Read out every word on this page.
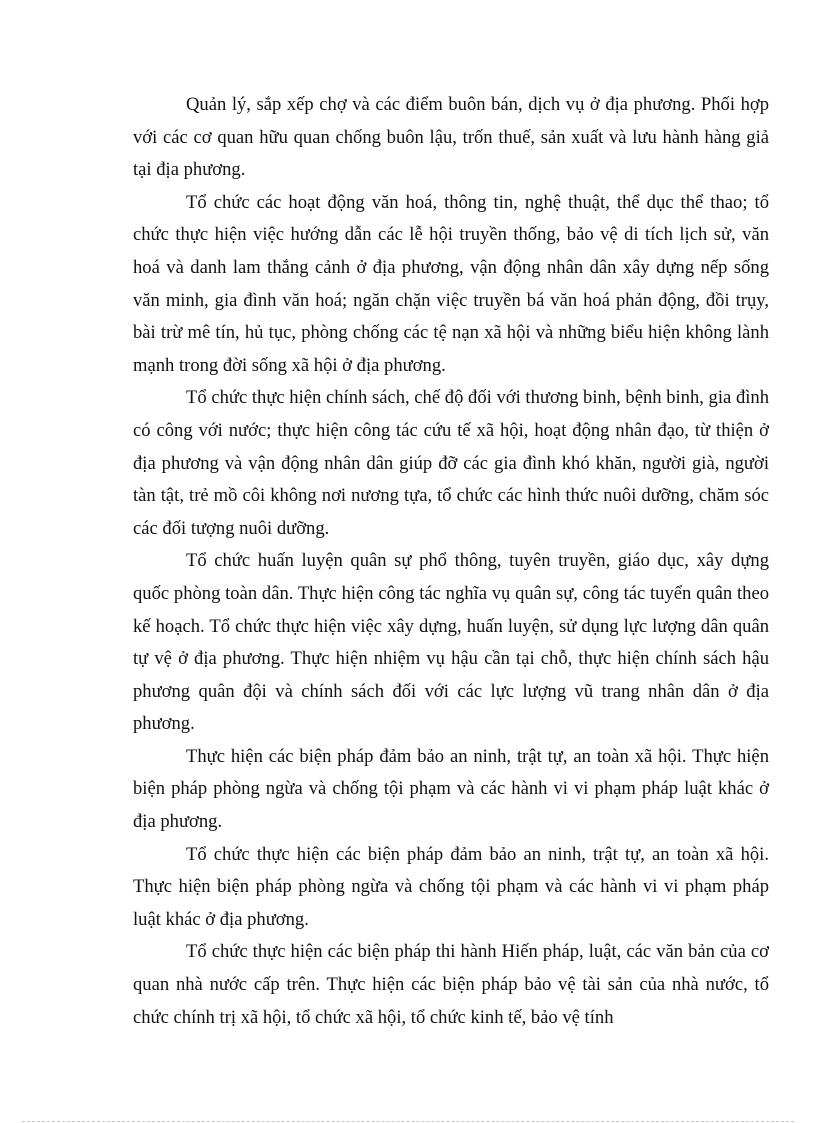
Quản lý, sắp xếp chợ và các điểm buôn bán, dịch vụ ở địa phương. Phối hợp với các cơ quan hữu quan chống buôn lậu, trốn thuế, sản xuất và lưu hành hàng giả tại địa phương.

Tổ chức các hoạt động văn hoá, thông tin, nghệ thuật, thể dục thể thao; tổ chức thực hiện việc hướng dẫn các lễ hội truyền thống, bảo vệ di tích lịch sử, văn hoá và danh lam thắng cảnh ở địa phương, vận động nhân dân xây dựng nếp sống văn minh, gia đình văn hoá; ngăn chặn việc truyền bá văn hoá phản động, đồi trụy, bài trừ mê tín, hủ tục, phòng chống các tệ nạn xã hội và những biểu hiện không lành mạnh trong đời sống xã hội ở địa phương.

Tổ chức thực hiện chính sách, chế độ đối với thương binh, bệnh binh, gia đình có công với nước; thực hiện công tác cứu tế xã hội, hoạt động nhân đạo, từ thiện ở địa phương và vận động nhân dân giúp đỡ các gia đình khó khăn, người già, người tàn tật, trẻ mồ côi không nơi nương tựa, tổ chức các hình thức nuôi dưỡng, chăm sóc các đối tượng nuôi dưỡng.

Tổ chức huấn luyện quân sự phổ thông, tuyên truyền, giáo dục, xây dựng quốc phòng toàn dân. Thực hiện công tác nghĩa vụ quân sự, công tác tuyển quân theo kế hoạch. Tổ chức thực hiện việc xây dựng, huấn luyện, sử dụng lực lượng dân quân tự vệ ở địa phương. Thực hiện nhiệm vụ hậu cần tại chỗ, thực hiện chính sách hậu phương quân đội và chính sách đối với các lực lượng vũ trang nhân dân ở địa phương.

Thực hiện các biện pháp đảm bảo an ninh, trật tự, an toàn xã hội. Thực hiện biện pháp phòng ngừa và chống tội phạm và các hành vi vi phạm pháp luật khác ở địa phương.

Tổ chức thực hiện các biện pháp đảm bảo an ninh, trật tự, an toàn xã hội. Thực hiện biện pháp phòng ngừa và chống tội phạm và các hành vi vi phạm pháp luật khác ở địa phương.

Tổ chức thực hiện các biện pháp thi hành Hiến pháp, luật, các văn bản của cơ quan nhà nước cấp trên. Thực hiện các biện pháp bảo vệ tài sản của nhà nước, tổ chức chính trị xã hội, tổ chức xã hội, tổ chức kinh tế, bảo vệ tính
